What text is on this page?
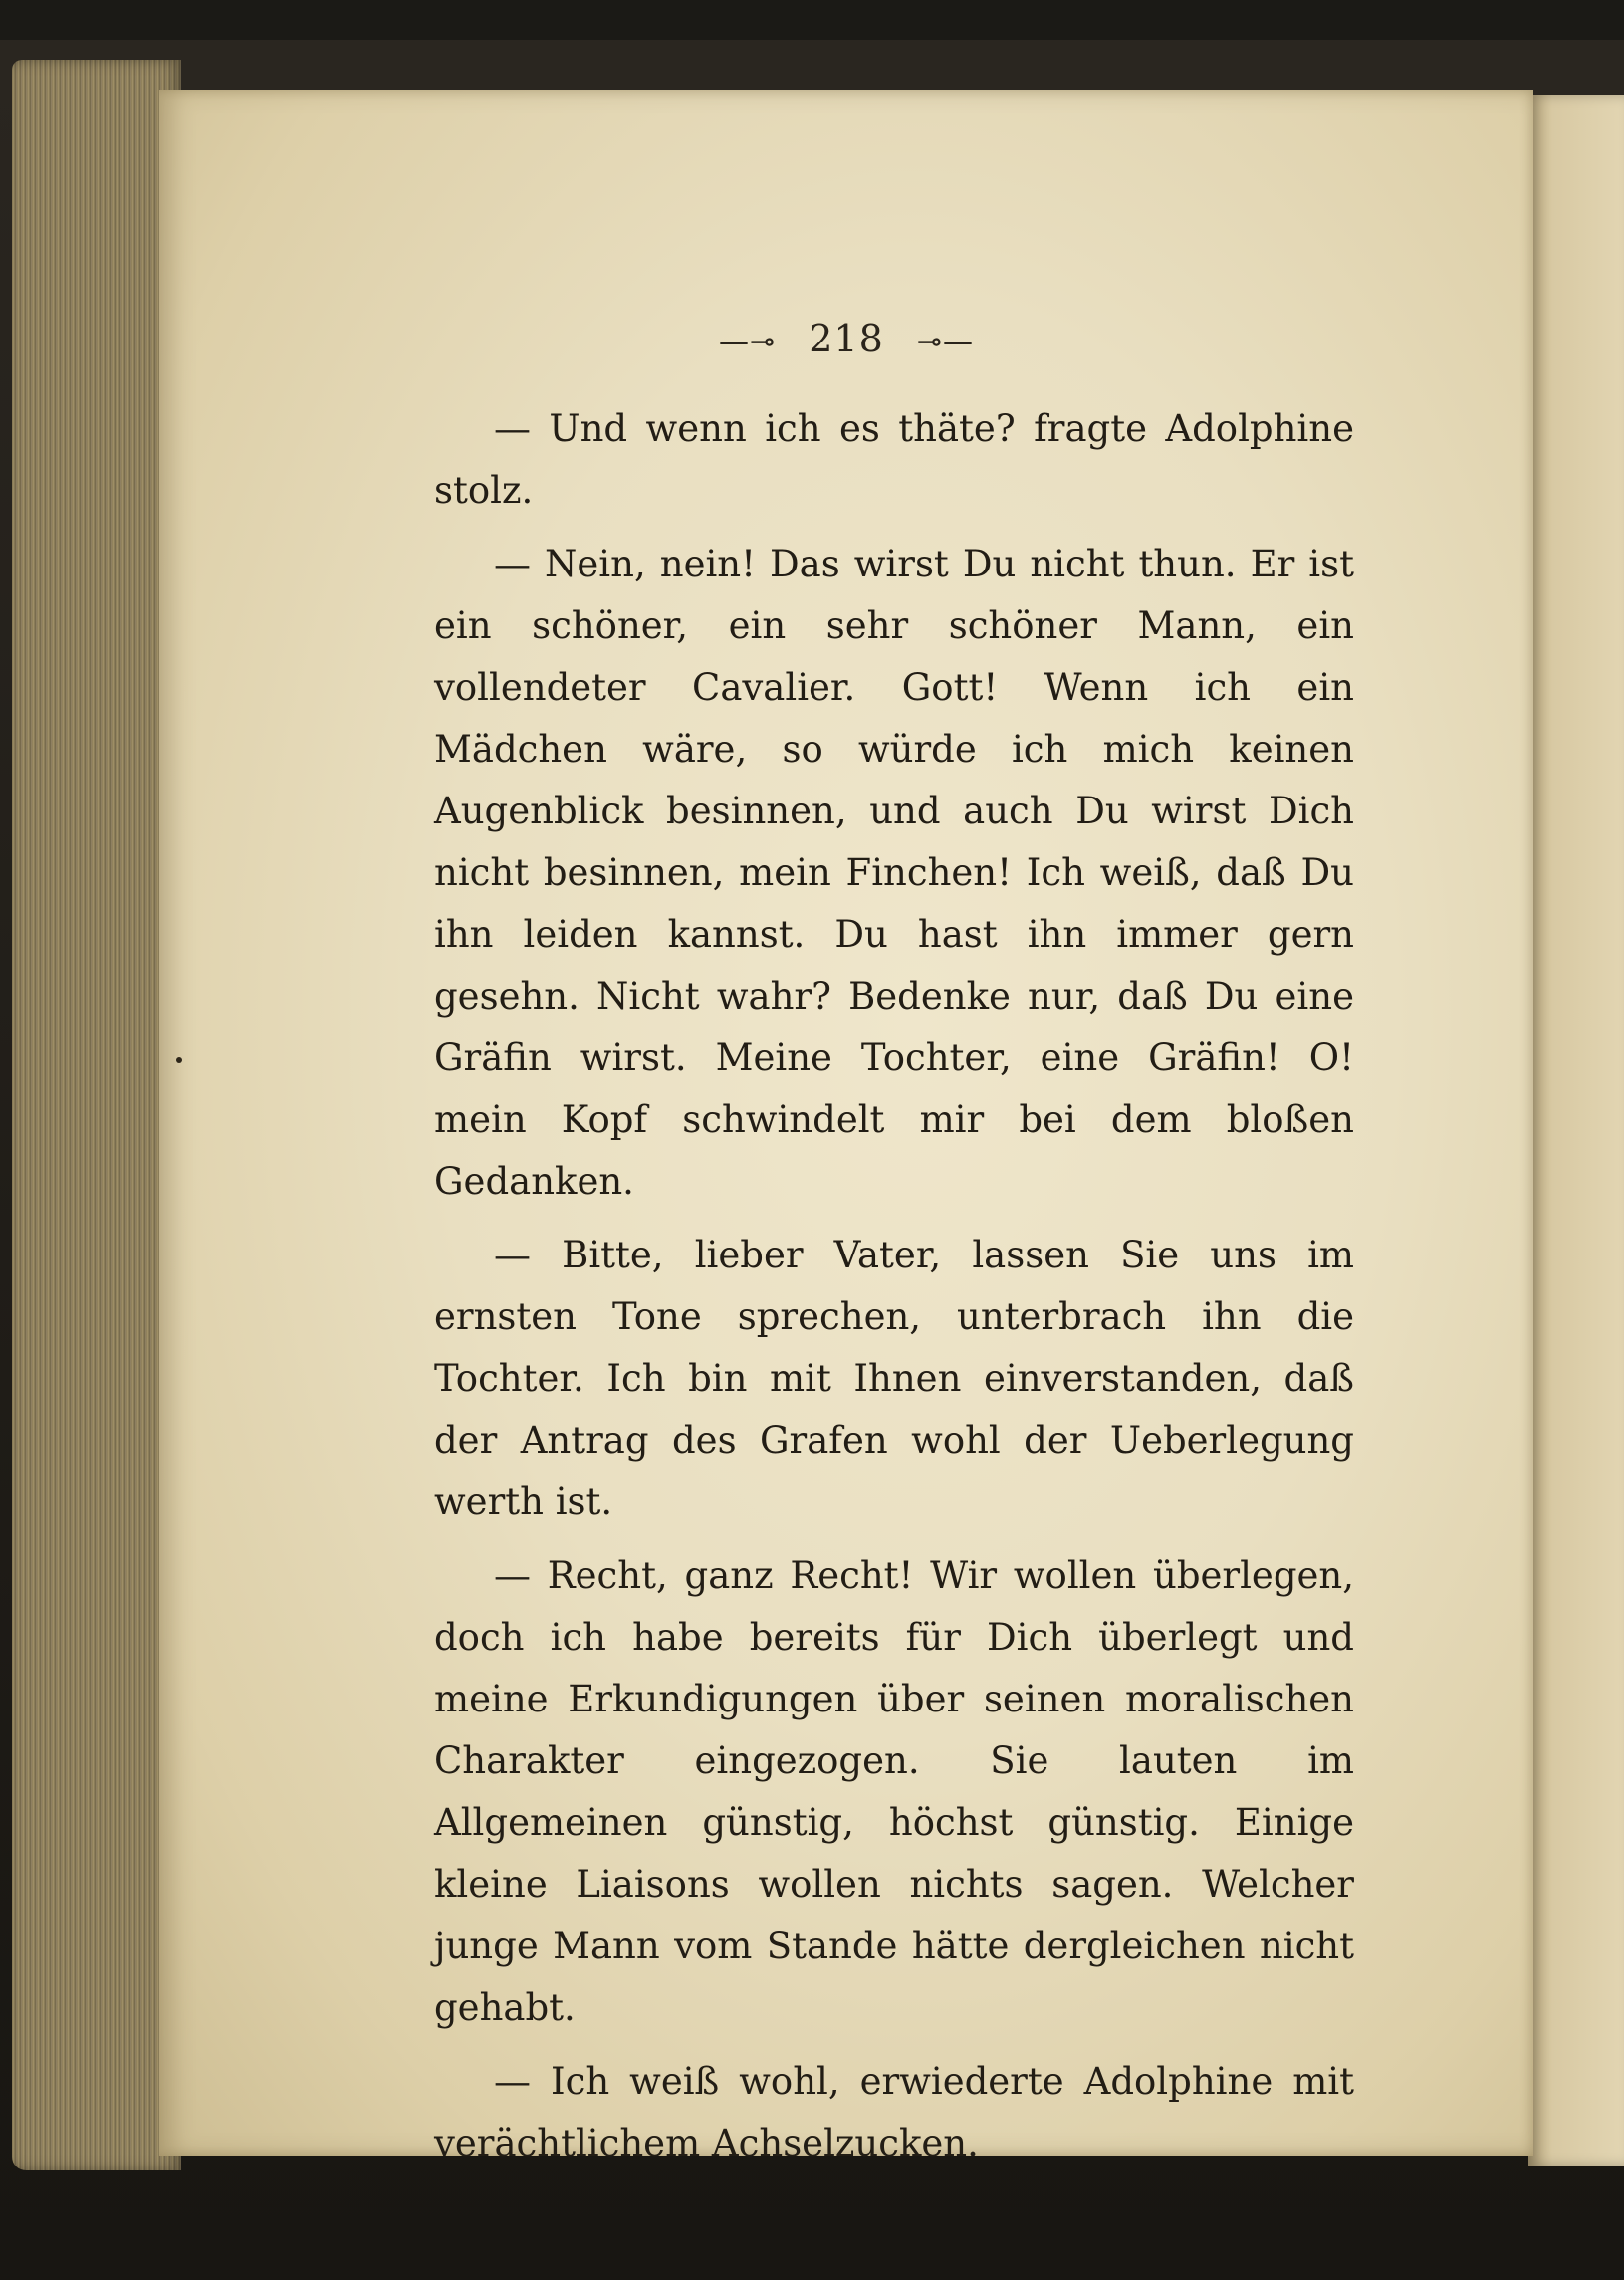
—⊸ 218 ⊸—

— Und wenn ich es thäte? fragte Adolphine stolz.

— Nein, nein! Das wirst Du nicht thun. Er ist ein schöner, ein sehr schöner Mann, ein vollendeter Cavalier. Gott! Wenn ich ein Mädchen wäre, so würde ich mich keinen Augenblick besinnen, und auch Du wirst Dich nicht besinnen, mein Finchen! Ich weiß, daß Du ihn leiden kannst. Du hast ihn immer gern gesehn. Nicht wahr? Bedenke nur, daß Du eine Gräfin wirst. Meine Tochter, eine Gräfin! O! mein Kopf schwindelt mir bei dem bloßen Gedanken.

— Bitte, lieber Vater, lassen Sie uns im ernsten Tone sprechen, unterbrach ihn die Tochter. Ich bin mit Ihnen einverstanden, daß der Antrag des Grafen wohl der Ueberlegung werth ist.

— Recht, ganz Recht! Wir wollen überlegen, doch ich habe bereits für Dich überlegt und meine Erkundigungen über seinen moralischen Charakter eingezogen. Sie lauten im Allgemeinen günstig, höchst günstig. Einige kleine Liaisons wollen nichts sagen. Welcher junge Mann vom Stande hätte dergleichen nicht gehabt.

— Ich weiß wohl, erwiederte Adolphine mit verächtlichem Achselzucken.
